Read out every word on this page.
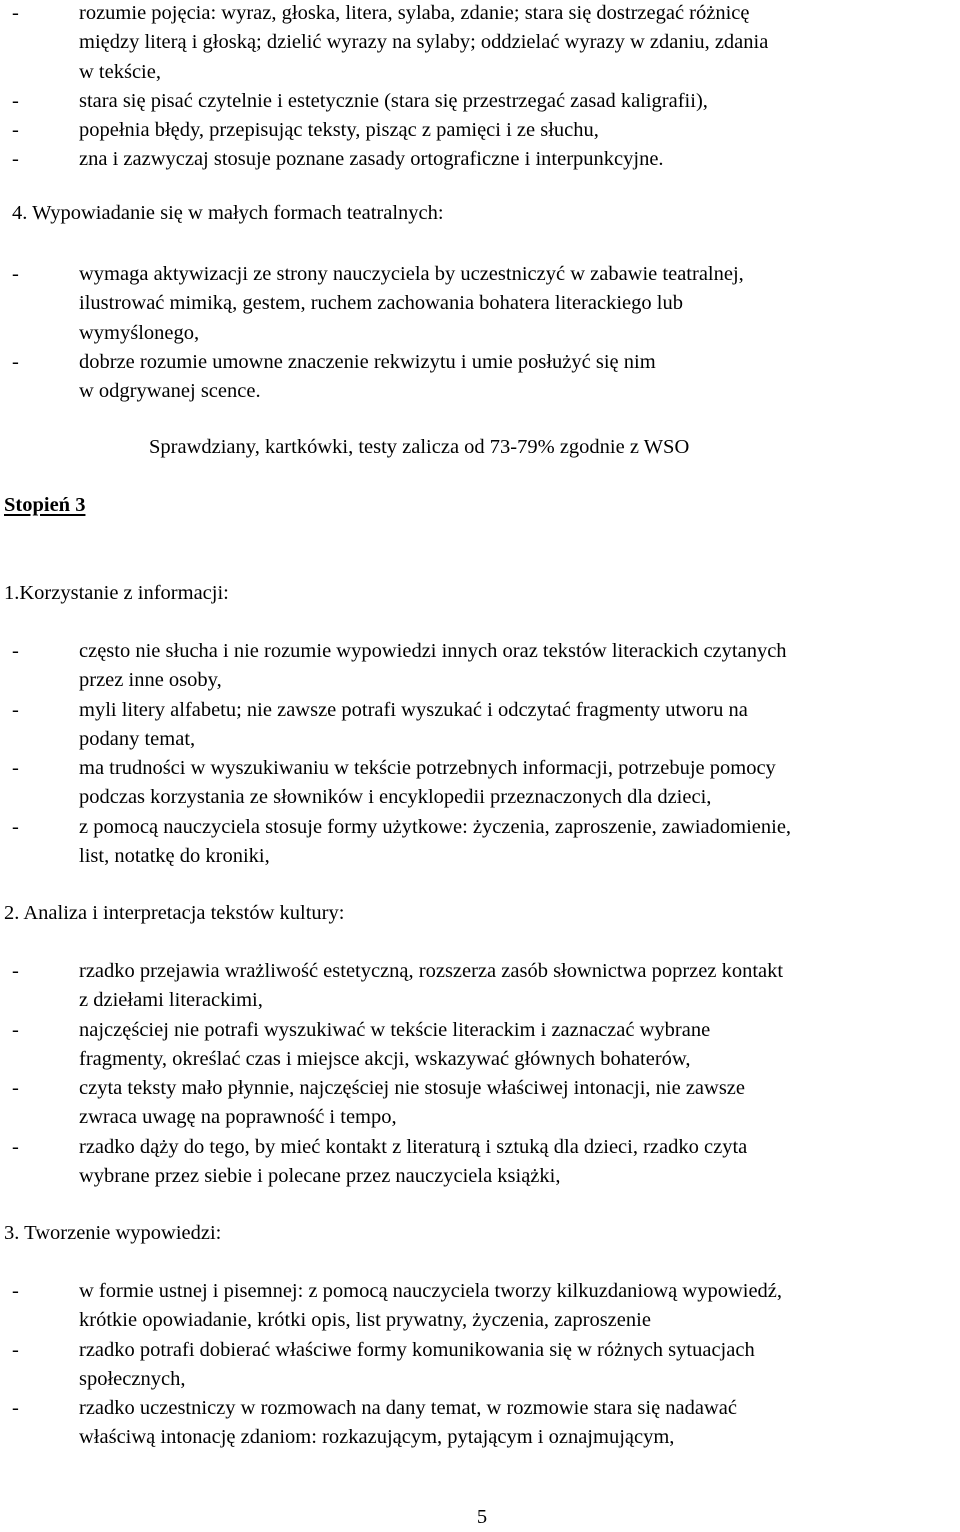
-	rozumie pojęcia: wyraz, głoska, litera, sylaba, zdanie; stara się dostrzegać różnicę
między literą i głoską; dzielić wyrazy na sylaby; oddzielać wyrazy w zdaniu, zdania
w tekście,
-	stara się pisać czytelnie i estetycznie (stara się przestrzegać zasad kaligrafii),
-	popełnia błędy, przepisując teksty, pisząc z pamięci i ze słuchu,
-	zna i zazwyczaj stosuje poznane zasady ortograficzne i interpunkcyjne.
4. Wypowiadanie się w małych formach teatralnych:
-	wymaga aktywizacji ze strony nauczyciela by uczestniczyć w zabawie teatralnej,
ilustrować mimiką, gestem, ruchem zachowania bohatera literackiego lub
wymyślonego,
-	dobrze rozumie umowne znaczenie rekwizytu i umie posłużyć się nim
w odgrywanej scence.
Sprawdziany, kartkówki, testy zalicza od 73-79% zgodnie z WSO
Stopień 3
1.Korzystanie z informacji:
-	często nie słucha i nie rozumie wypowiedzi innych oraz tekstów literackich czytanych
przez inne osoby,
-	myli litery alfabetu; nie zawsze potrafi wyszukać i odczytać fragmenty utworu na
podany temat,
-	ma trudności w wyszukiwaniu w tekście potrzebnych informacji, potrzebuje pomocy
podczas korzystania ze słowników i encyklopedii przeznaczonych dla dzieci,
-	z pomocą nauczyciela stosuje formy użytkowe: życzenia, zaproszenie, zawiadomienie,
list, notatkę do kroniki,
2. Analiza i interpretacja tekstów kultury:
-	rzadko przejawia wrażliwość estetyczną, rozszerza zasób słownictwa poprzez kontakt
z dziełami literackimi,
-	najczęściej nie potrafi wyszukiwać w tekście literackim i zaznaczać wybrane
fragmenty, określać czas i miejsce akcji, wskazywać głównych bohaterów,
-	czyta teksty mało płynnie, najczęściej nie stosuje właściwej intonacji, nie zawsze
zwraca uwagę na poprawność i tempo,
-	rzadko dąży do tego, by mieć kontakt z literaturą i sztuką dla dzieci, rzadko czyta
wybrane przez siebie i polecane przez nauczyciela książki,
3. Tworzenie wypowiedzi:
-	w formie ustnej i pisemnej: z pomocą nauczyciela tworzy kilkuzdaniową wypowiedź,
krótkie opowiadanie, krótki opis, list prywatny, życzenia, zaproszenie
-	rzadko potrafi dobierać właściwe formy komunikowania się w różnych sytuacjach
społecznych,
-	rzadko uczestniczy w rozmowach na dany temat, w rozmowie stara się nadawać
właściwą intonację zdaniom: rozkazującym, pytającym i oznajmującym,
5
